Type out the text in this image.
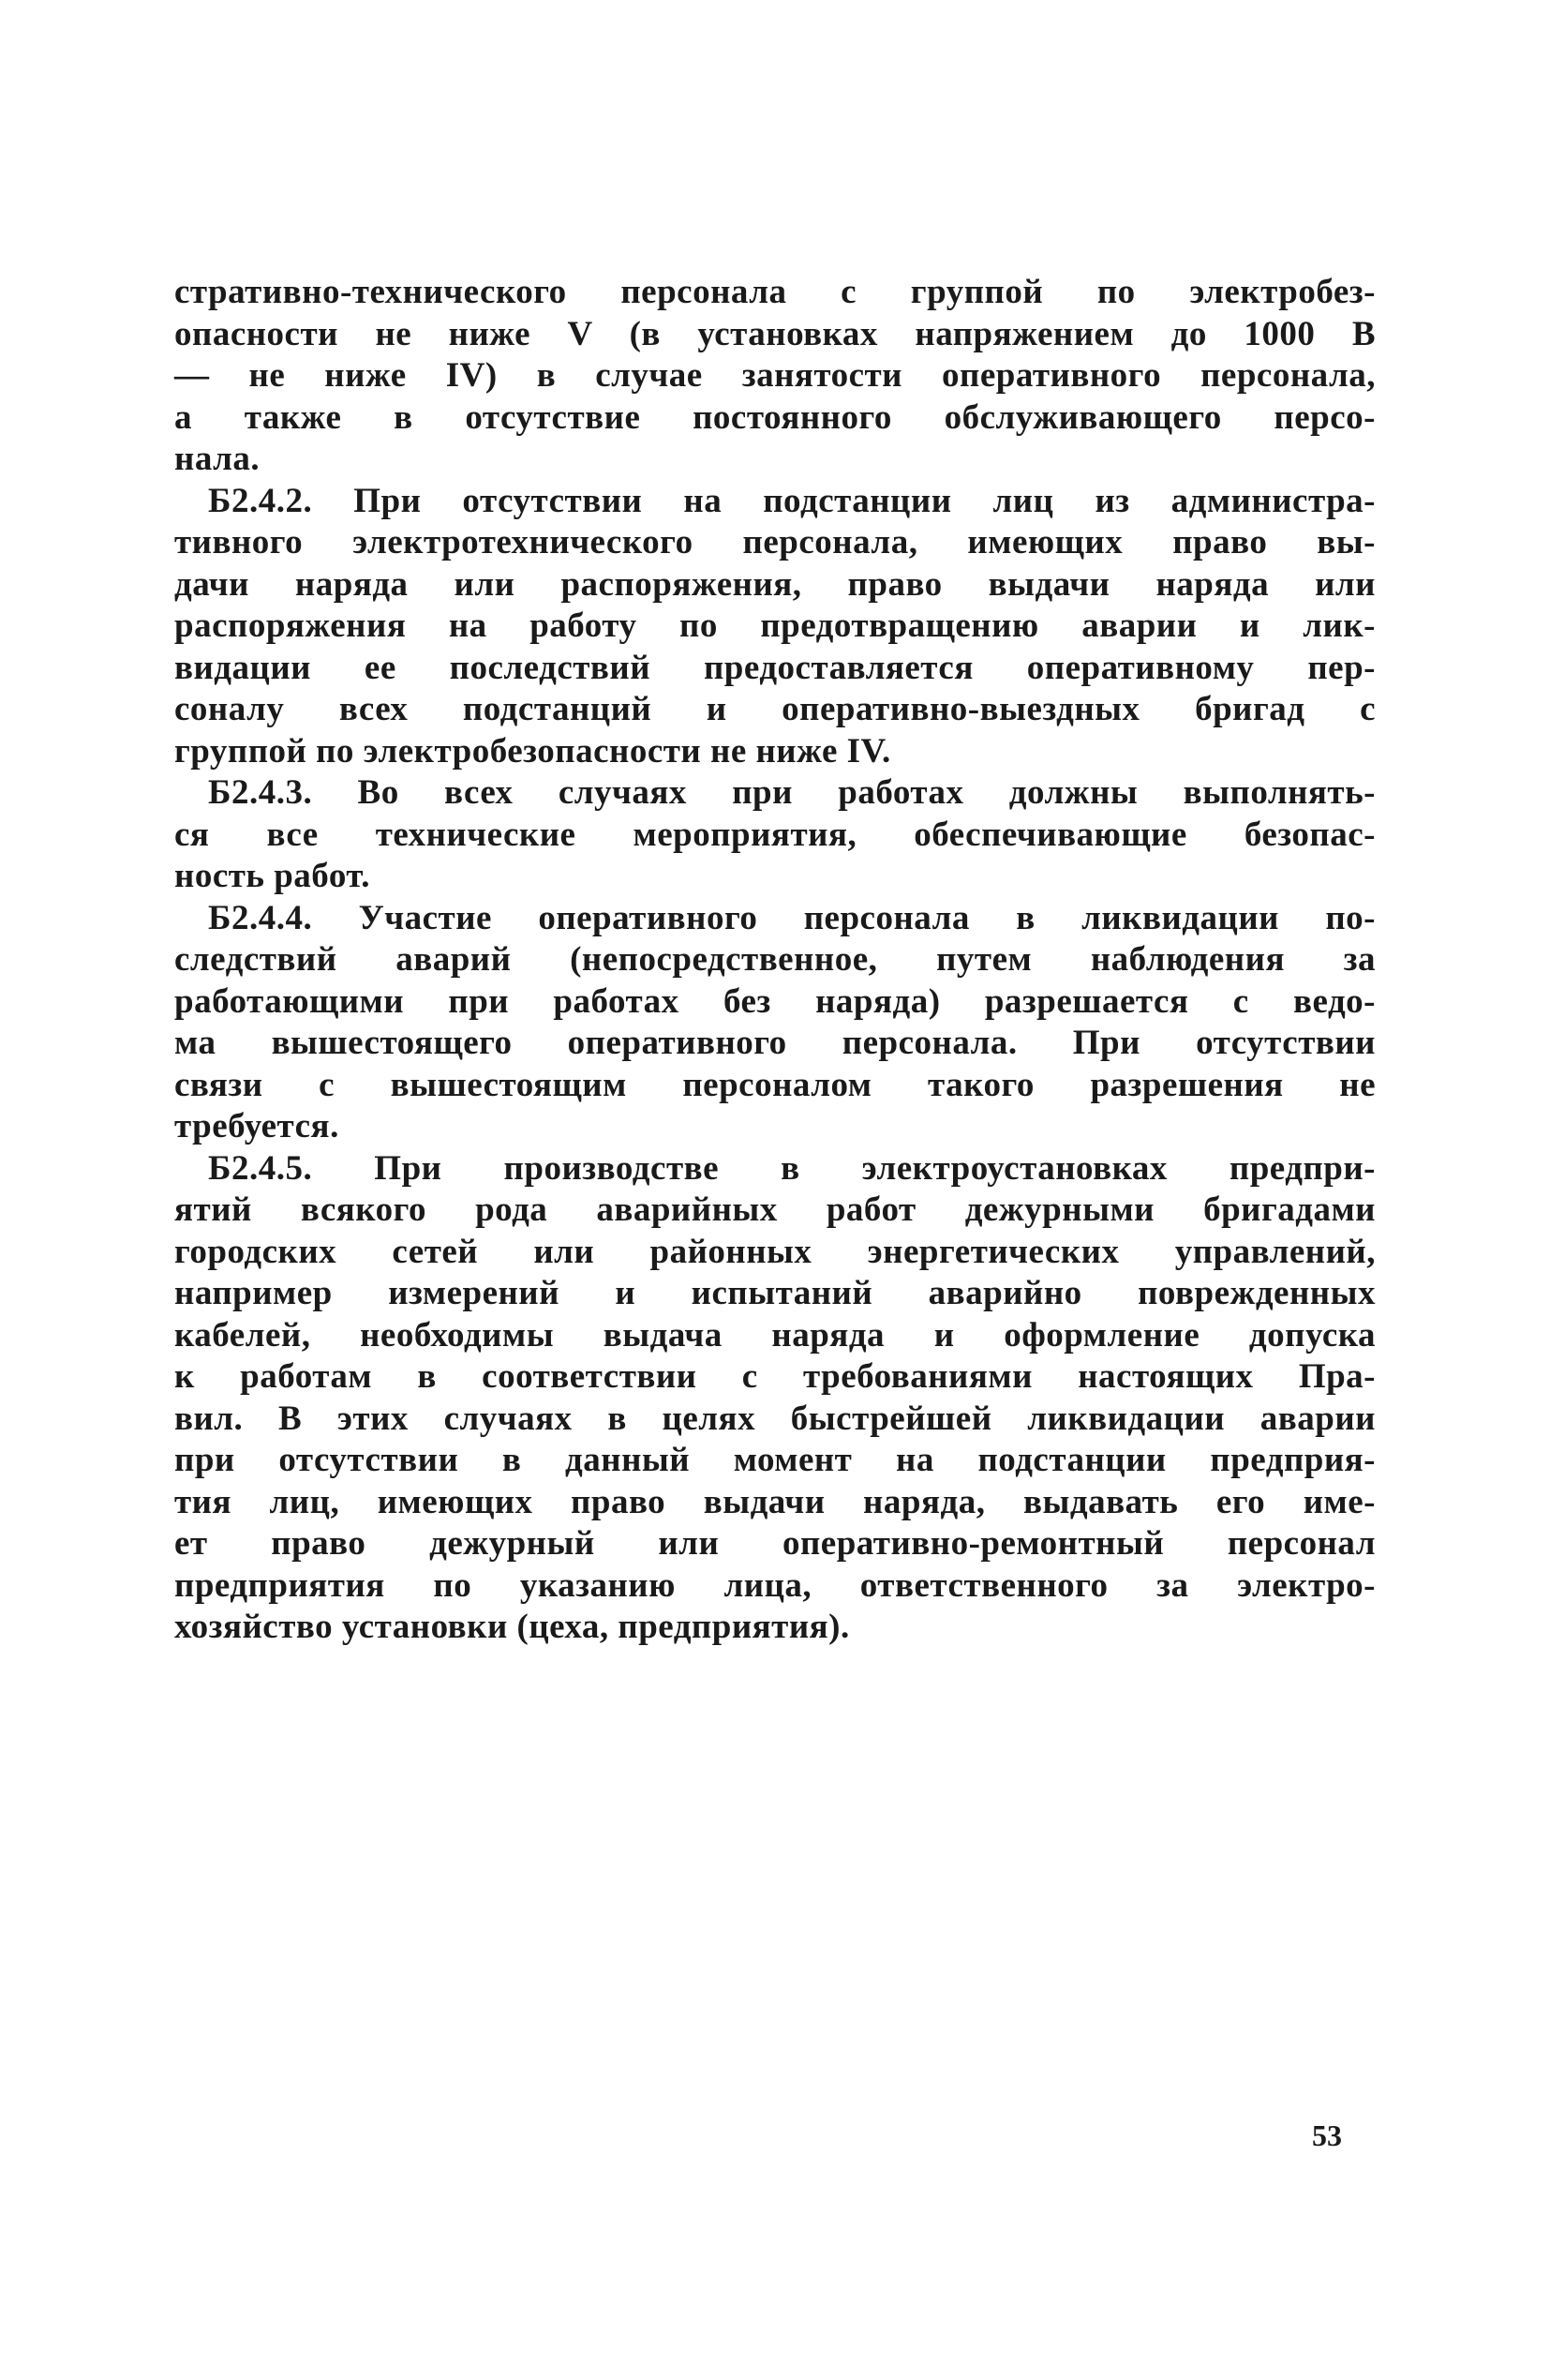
стративно-технического персонала с группой по электробез-
опасности не ниже V (в установках напряжением до 1000 В
— не ниже IV) в случае занятости оперативного персонала,
а также в отсутствие постоянного обслуживающего персо-
нала.
Б2.4.2. При отсутствии на подстанции лиц из администра-
тивного электротехнического персонала, имеющих право вы-
дачи наряда или распоряжения, право выдачи наряда или
распоряжения на работу по предотвращению аварии и лик-
видации ее последствий предоставляется оперативному пер-
соналу всех подстанций и оперативно-выездных бригад с
группой по электробезопасности не ниже IV.
Б2.4.3. Во всех случаях при работах должны выполнять-
ся все технические мероприятия, обеспечивающие безопас-
ность работ.
Б2.4.4. Участие оперативного персонала в ликвидации по-
следствий аварий (непосредственное, путем наблюдения за
работающими при работах без наряда) разрешается с ведо-
ма вышестоящего оперативного персонала. При отсутствии
связи с вышестоящим персоналом такого разрешения не
требуется.
Б2.4.5. При производстве в электроустановках предпри-
ятий всякого рода аварийных работ дежурными бригадами
городских сетей или районных энергетических управлений,
например измерений и испытаний аварийно поврежденных
кабелей, необходимы выдача наряда и оформление допуска
к работам в соответствии с требованиями настоящих Пра-
вил. В этих случаях в целях быстрейшей ликвидации аварии
при отсутствии в данный момент на подстанции предприя-
тия лиц, имеющих право выдачи наряда, выдавать его име-
ет право дежурный или оперативно-ремонтный персонал
предприятия по указанию лица, ответственного за электро-
хозяйство установки (цеха, предприятия).
53
